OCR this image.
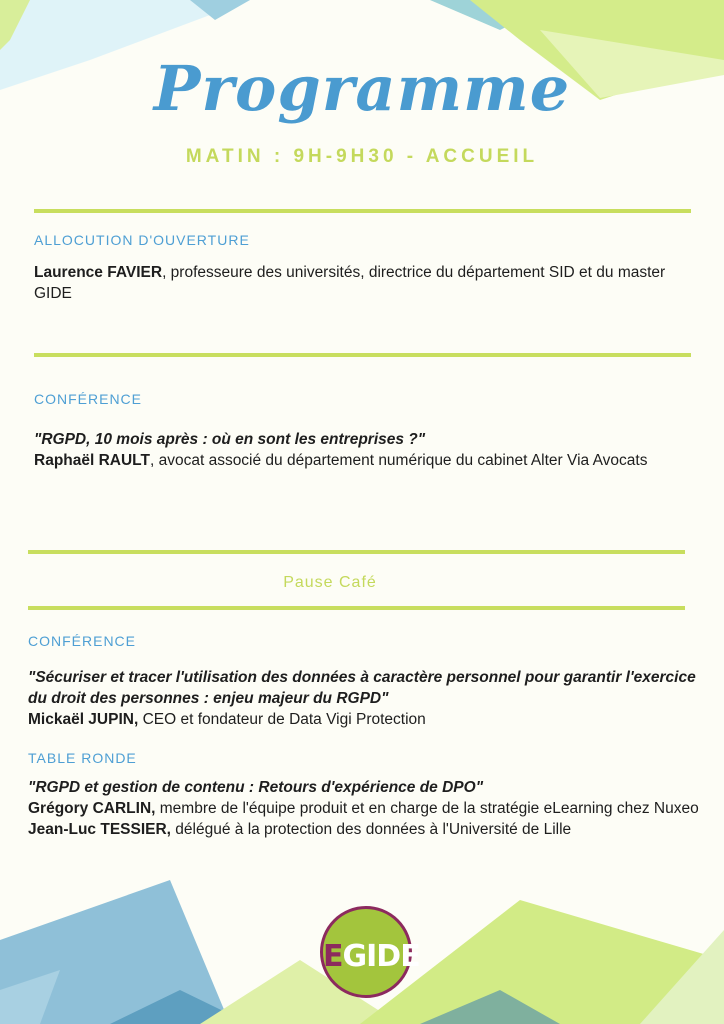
Programme
MATIN : 9H-9H30 - ACCUEIL
ALLOCUTION D'OUVERTURE
Laurence FAVIER, professeure des universités, directrice du département SID et du master GIDE
CONFÉRENCE
"RGPD, 10 mois après : où en sont les entreprises ?"
Raphaël RAULT, avocat associé du département numérique du cabinet Alter Via Avocats
Pause Café
CONFÉRENCE
"Sécuriser et tracer l'utilisation des données à caractère personnel pour garantir l'exercice du droit des personnes : enjeu majeur du RGPD"
Mickaël JUPIN, CEO et fondateur de Data Vigi Protection
TABLE RONDE
"RGPD et gestion de contenu : Retours d'expérience de DPO"
Grégory CARLIN, membre de l'équipe produit et en charge de la stratégie eLearning chez Nuxeo
Jean-Luc TESSIER, délégué à la protection des données à l'Université de Lille
EGIDE
